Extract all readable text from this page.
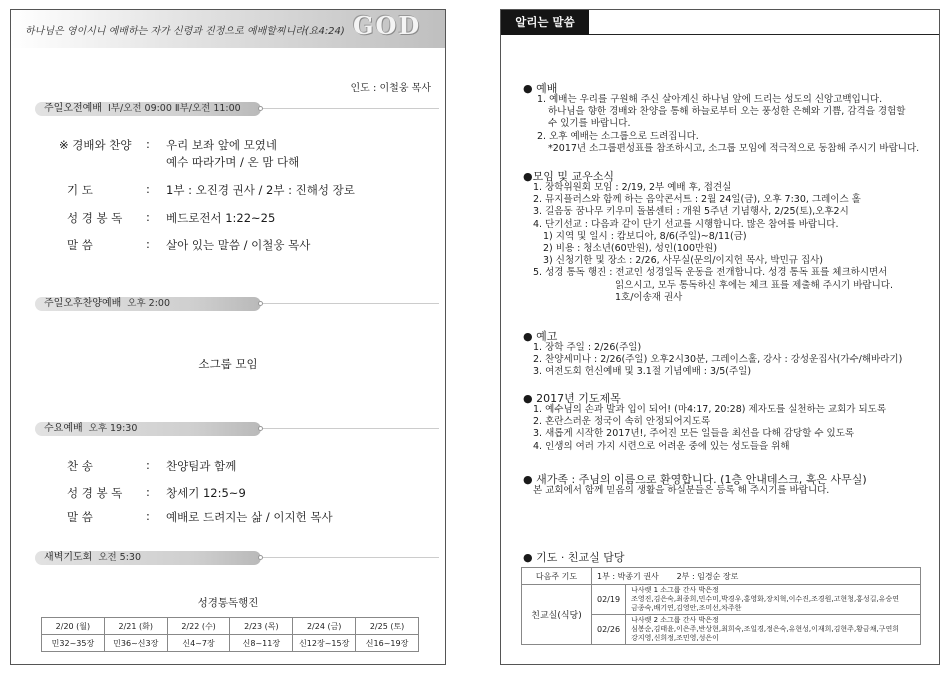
하나님은 영이시니 예배하는 자가 신령과 진정으로 예배할찌니라(요4:24) GOD
인도 : 이철웅 목사
주일오전예배 Ⅰ부/오전 09:00 Ⅱ부/오전 11:00
※ 경배와 찬양 : 우리 보좌 앞에 모였네
예수 따라가며 / 온 맘 다해
기 도	: 1부 : 오진경 권사 / 2부 : 진해성 장로
성 경 봉 독 : 베드로전서 1:22~25
말 씀	: 살아 있는 말씀 / 이철웅 목사
주일오후찬양예배 오후 2:00
소그룹 모임
수요예배 오후 19:30
찬 송	: 찬양팀과 함께
성 경 봉 독 : 창세기 12:5~9
말 씀	: 예배로 드려지는 삶 / 이지헌 목사
새벽기도회 오전 5:30
성경통독행진
2/20 (월)	2/21 (화)	2/22 (수)	2/23 (목)	2/24 (금)	2/25 (토)
민32~35장	민36~신3장	신4~7장	신8~11장	신12장~15장	신16~19장
알리는 말씀
● 예배
1. 예배는 우리를 구원해 주신 살아계신 하나님 앞에 드리는 성도의 신앙고백입니다.
하나님을 향한 경배와 찬양을 통해 하늘로부터 오는 풍성한 은혜와 기쁨, 감격을 경험할
수 있기를 바랍니다.
2. 오후 예배는 소그룹으로 드려집니다.
*2017년 소그룹편성표를 참조하시고, 소그룹 모임에 적극적으로 동참해 주시기 바랍니다.
●모임 및 교우소식
1. 장학위원회 모임 : 2/19, 2부 예배 후, 접견실
2. 뮤지플러스와 함께 하는 음악콘서트 : 2월 24일(금), 오후 7:30, 그레이스 홀
3. 길음동 꿈나무 키우미 돌봄센터 : 개원 5주년 기념행사, 2/25(토),오후2시
4. 단기선교 : 다음과 같이 단기 선교를 시행합니다. 많은 참여를 바랍니다.
1) 지역 및 일시 : 캄보디아, 8/6(주일)~8/11(금)
2) 비용 : 청소년(60만원), 성인(100만원)
3) 신청기한 및 장소 : 2/26, 사무실(문의/이지헌 목사, 박민규 집사)
5. 성경 통독 행진 : 전교인 성경일독 운동을 전개합니다. 성경 통독 표를 체크하시면서
읽으시고, 모두 통독하신 후에는 체크 표를 제출해 주시기 바랍니다.
1호/이송재 권사
● 예고
1. 장학 주일 : 2/26(주일)
2. 찬양세미나 : 2/26(주일) 오후2시30분, 그레이스홀, 강사 : 강성운집사(가수/해바라기)
3. 여전도회 헌신예배 및 3.1절 기념예배 : 3/5(주일)
● 2017년 기도제목
1. 예수님의 손과 발과 입이 되어! (마4:17, 20:28) 제자도를 실천하는 교회가 되도록
2. 혼란스러운 정국이 속히 안정되어지도록
3. 새롭게 시작한 2017년!, 주어진 모든 일들을 최선을 다해 감당할 수 있도록
4. 인생의 여러 가지 시련으로 어려운 중에 있는 성도들을 위해
● 새가족 : 주님의 이름으로 환영합니다. (1층 안내데스크, 혹은 사무실)
본 교회에서 함께 믿음의 생활을 하실분들은 등록 해 주시기를 바랍니다.
● 기도 · 친교실 담당
다음주 기도	1부 : 박종기 권사       2부 : 임경순 장로	
친교실(식당)	02/19	나사렛 1 소그룹 간사 박은정
조영진,김은숙,최종희,민수미,박경우,홍영화,장치혁,이수진,조경원,고현청,홍성길,유승연
금종숙,배기연,김영안,조미선,차주한

	02/26	나사렛 2 소그룹 간사 박은정
심봉순,김태윤,이은주,반상현,최희숙,조일경,정은숙,유현성,이재희,김현주,황금채,구연희
강지영,신희정,조민영,성은이
